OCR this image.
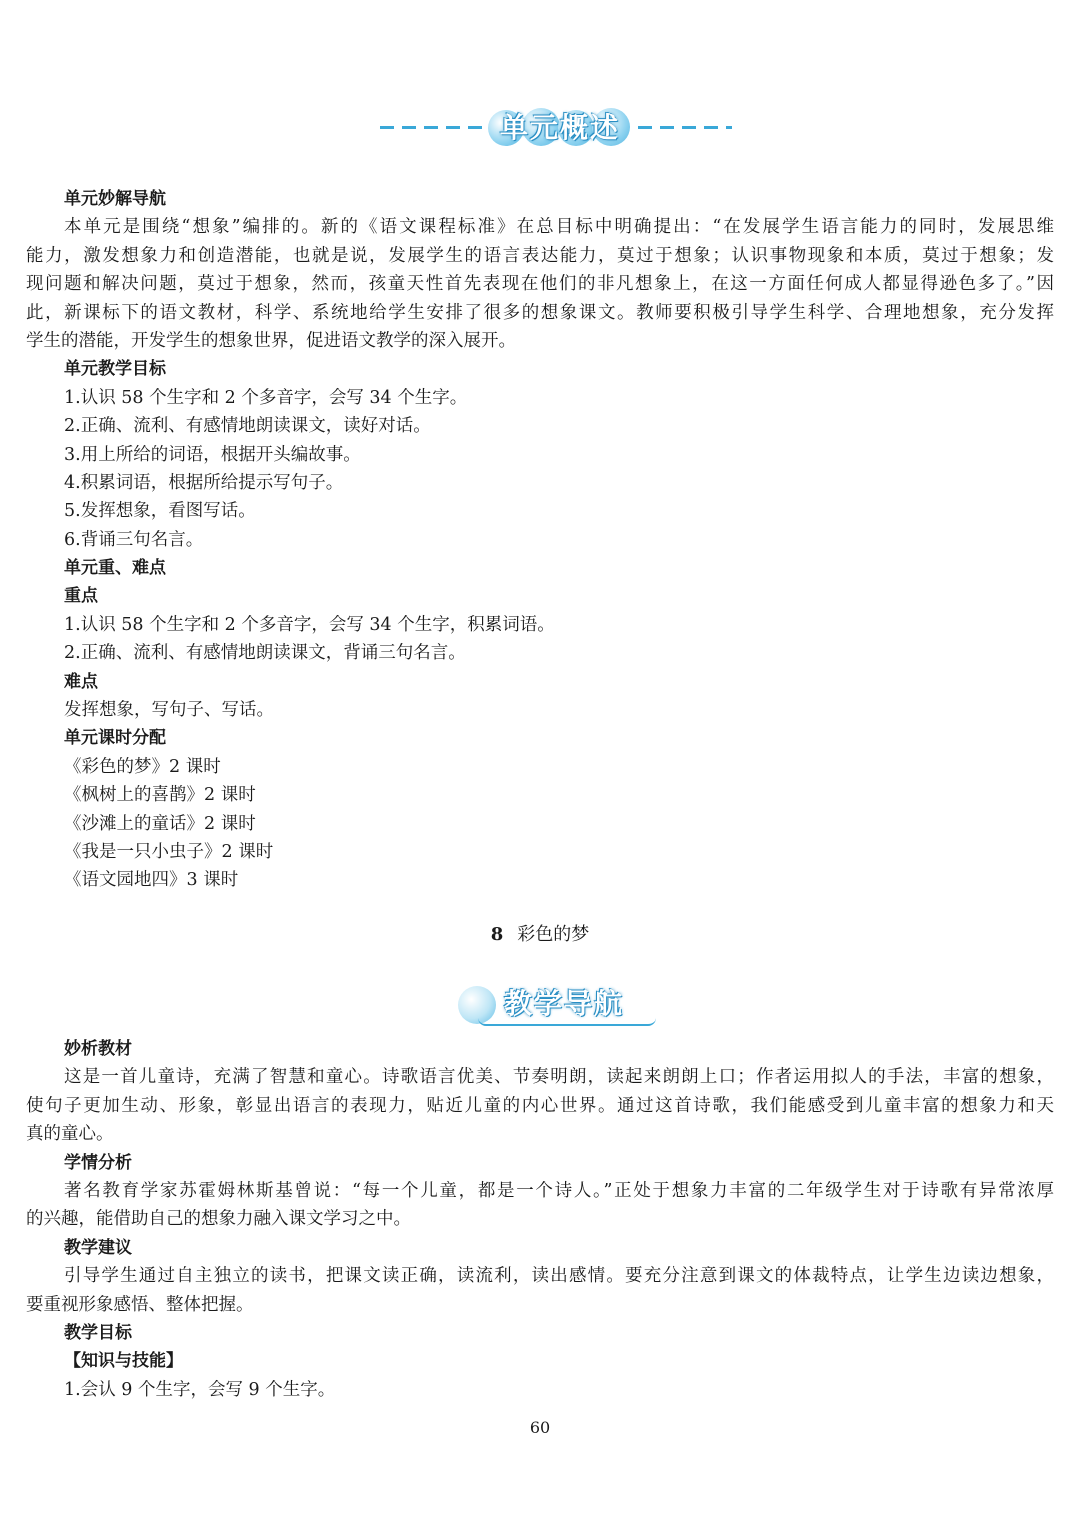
单元概述
单元妙解导航
本单元是围绕“想象”编排的。新的《语文课程标准》在总目标中明确提出：“在发展学生语言能力的同时，发展思维
能力，激发想象力和创造潜能，也就是说，发展学生的语言表达能力，莫过于想象；认识事物现象和本质，莫过于想象；发
现问题和解决问题，莫过于想象，然而，孩童天性首先表现在他们的非凡想象上，在这一方面任何成人都显得逊色多了。”因
此，新课标下的语文教材，科学、系统地给学生安排了很多的想象课文。教师要积极引导学生科学、合理地想象，充分发挥
学生的潜能，开发学生的想象世界，促进语文教学的深入展开。
单元教学目标
1.认识 58 个生字和 2 个多音字，会写 34 个生字。
2.正确、流利、有感情地朗读课文，读好对话。
3.用上所给的词语，根据开头编故事。
4.积累词语，根据所给提示写句子。
5.发挥想象，看图写话。
6.背诵三句名言。
单元重、难点
重点
1.认识 58 个生字和 2 个多音字，会写 34 个生字，积累词语。
2.正确、流利、有感情地朗读课文，背诵三句名言。
难点
发挥想象，写句子、写话。
单元课时分配
《彩色的梦》2 课时
《枫树上的喜鹊》2 课时
《沙滩上的童话》2 课时
《我是一只小虫子》2 课时
《语文园地四》3 课时
8 彩色的梦
教学导航
妙析教材
这是一首儿童诗，充满了智慧和童心。诗歌语言优美、节奏明朗，读起来朗朗上口；作者运用拟人的手法，丰富的想象，
使句子更加生动、形象，彰显出语言的表现力，贴近儿童的内心世界。通过这首诗歌，我们能感受到儿童丰富的想象力和天
真的童心。
学情分析
著名教育学家苏霍姆林斯基曾说：“每一个儿童，都是一个诗人。”正处于想象力丰富的二年级学生对于诗歌有异常浓厚
的兴趣，能借助自己的想象力融入课文学习之中。
教学建议
引导学生通过自主独立的读书，把课文读正确，读流利，读出感情。要充分注意到课文的体裁特点，让学生边读边想象，
要重视形象感悟、整体把握。
教学目标
【知识与技能】
1.会认 9 个生字，会写 9 个生字。
60
